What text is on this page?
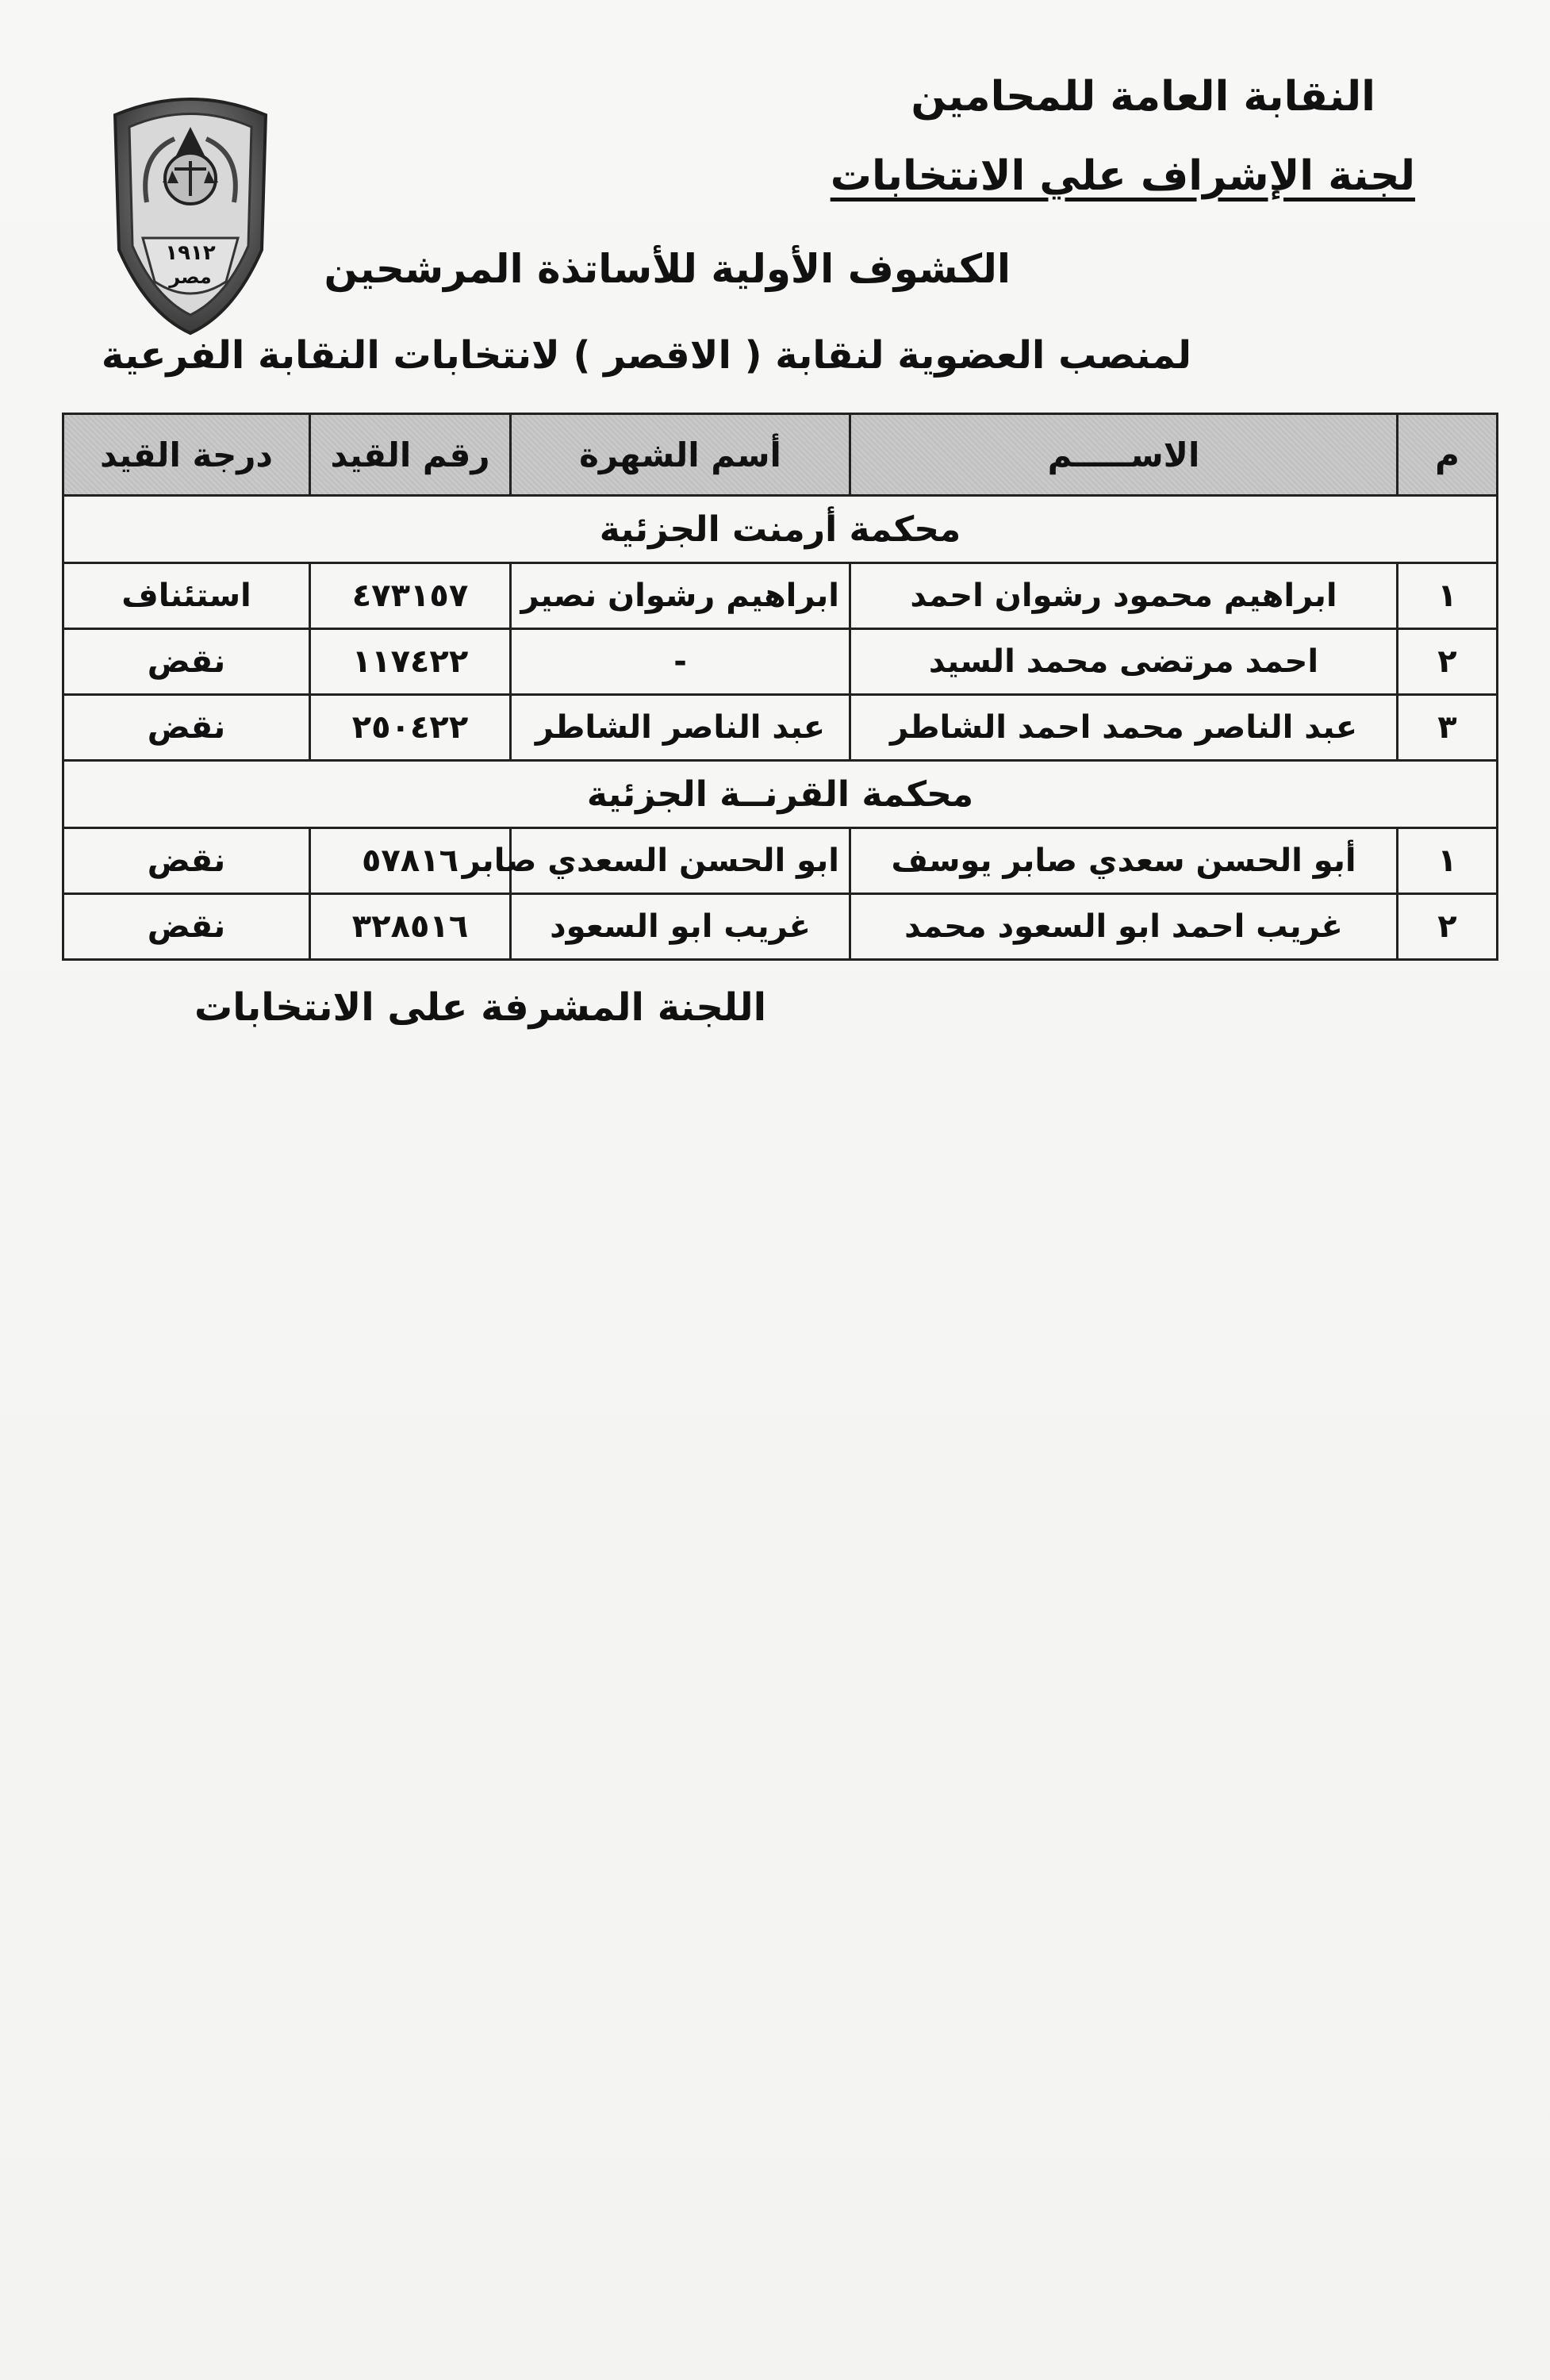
١٩١٢
مصر
النقابة العامة للمحامين
لجنة الإشراف علي الانتخابات
الكشوف الأولية للأساتذة المرشحين
لمنصب العضوية لنقابة ( الاقصر ) لانتخابات النقابة الفرعية
م	الاســـــم	أسم الشهرة	رقم القيد	درجة القيد
محكمة أرمنت الجزئية				
١	ابراهيم محمود رشوان احمد	ابراهيم رشوان نصير	٤٧٣١٥٧	استئناف
٢	احمد مرتضى محمد السيد	-	١١٧٤٢٢	نقض
٣	عبد الناصر محمد احمد الشاطر	عبد الناصر الشاطر	٢٥٠٤٢٢	نقض
محكمة القرنــة الجزئية				
١	أبو الحسن سعدي صابر يوسف	ابو الحسن السعدي صابر	٥٧٨١٦	نقض
٢	غريب احمد ابو السعود محمد	غريب ابو السعود	٣٢٨٥١٦	نقض
اللجنة المشرفة على الانتخابات
